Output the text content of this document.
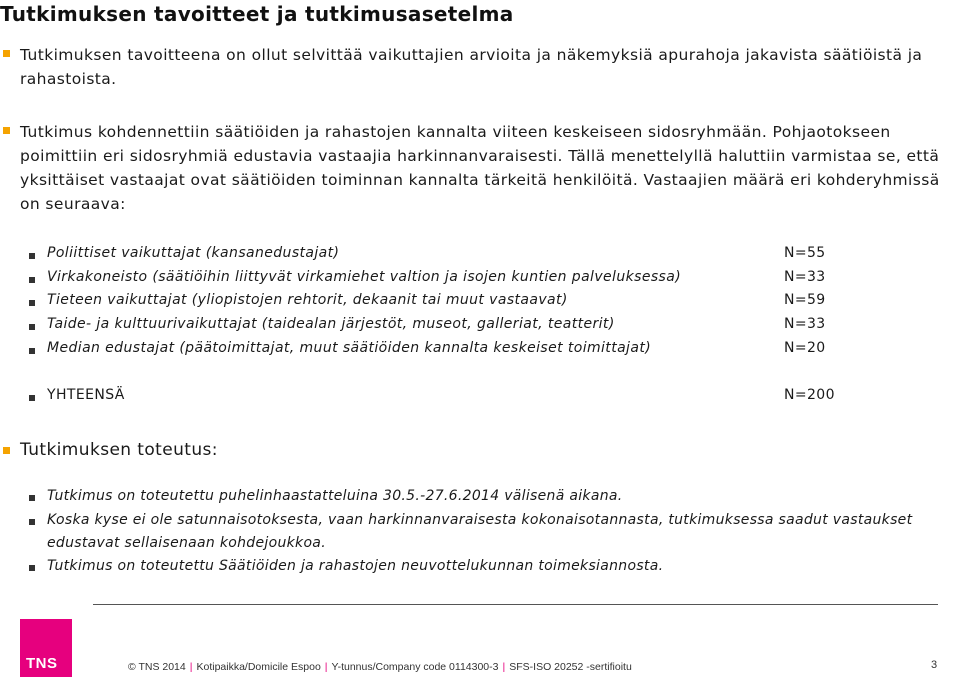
Tutkimuksen tavoitteet ja tutkimusasetelma
Tutkimuksen tavoitteena on ollut selvittää vaikuttajien arvioita ja näkemyksiä apurahoja jakavista säätiöistä ja rahastoista.
Tutkimus kohdennettiin säätiöiden ja rahastojen kannalta viiteen keskeiseen sidosryhmään. Pohjaotokseen poimittiin eri sidosryhmiä edustavia vastaajia harkinnanvaraisesti. Tällä menettelyllä haluttiin varmistaa se, että yksittäiset vastaajat ovat säätiöiden toiminnan kannalta tärkeitä henkilöitä. Vastaajien määrä eri kohderyhmissä on seuraava:
Poliittiset vaikuttajat (kansanedustajat)	N=55
Virkakoneisto (säätiöihin liittyvät virkamiehet valtion ja isojen kuntien palveluksessa)	N=33
Tieteen vaikuttajat (yliopistojen rehtorit, dekaanit tai muut vastaavat)	N=59
Taide- ja kulttuurivaikuttajat (taidealan järjestöt, museot, galleriat, teatterit)	N=33
Median edustajat (päätoimittajat, muut säätiöiden kannalta keskeiset toimittajat)	N=20
YHTEENSÄ	N=200
Tutkimuksen toteutus:
Tutkimus on toteutettu puhelinhaastatteluina 30.5.-27.6.2014 välisenä aikana.
Koska kyse ei ole satunnaisotoksesta, vaan harkinnanvaraisesta kokonaisotannasta, tutkimuksessa saadut vastaukset edustavat sellaisenaan kohdejoukkoa.
Tutkimus on toteutettu Säätiöiden ja rahastojen neuvottelukunnan toimeksiannosta.
TNS	© TNS 2014 | Kotipaikka/Domicile Espoo | Y-tunnus/Company code 0114300-3 | SFS-ISO 20252 -sertifioitu	3
